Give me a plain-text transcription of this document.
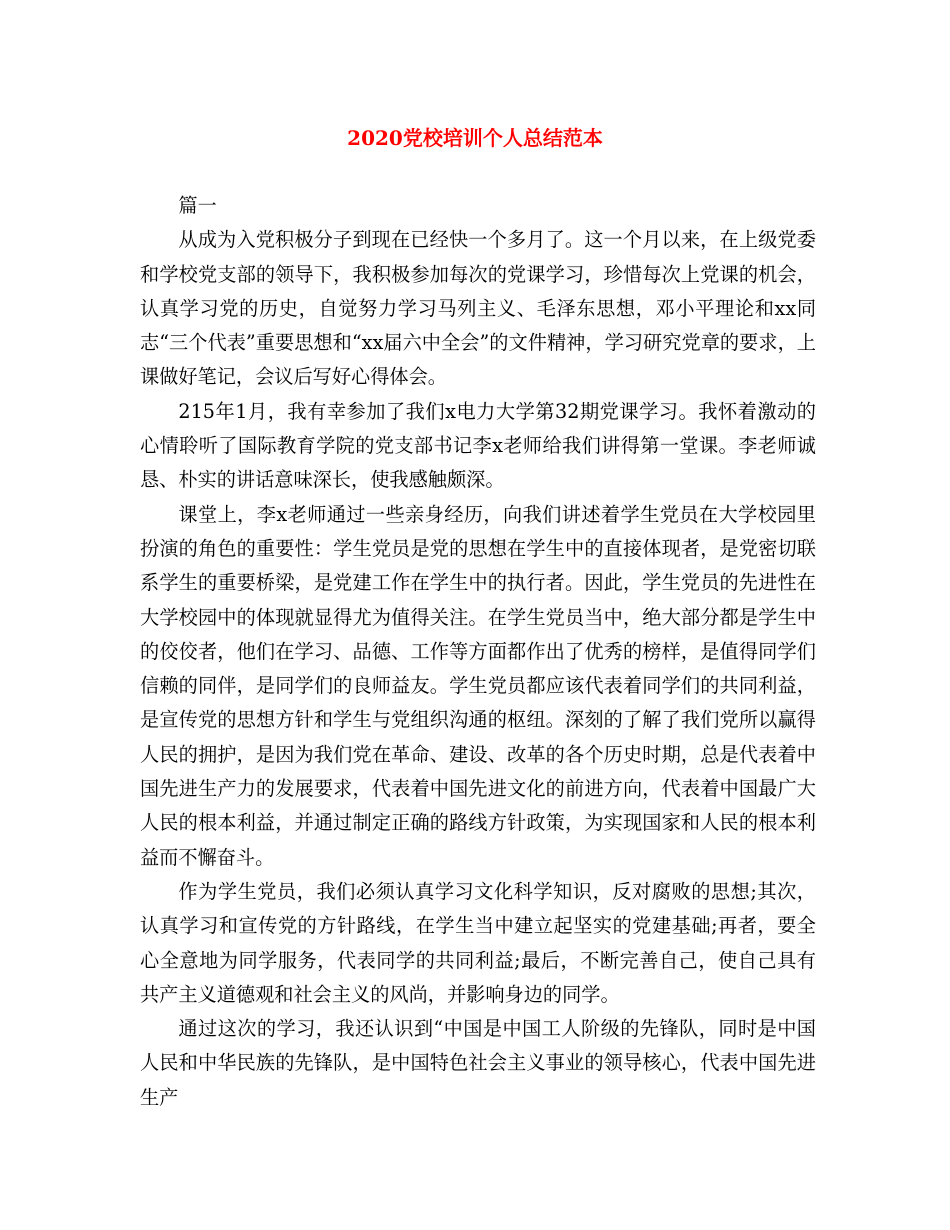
2020党校培训个人总结范本

篇一

从成为入党积极分子到现在已经快一个多月了。这一个月以来，在上级党委和学校党支部的领导下，我积极参加每次的党课学习，珍惜每次上党课的机会，认真学习党的历史，自觉努力学习马列主义、毛泽东思想，邓小平理论和xx同志“三个代表”重要思想和“xx届六中全会”的文件精神，学习研究党章的要求，上课做好笔记，会议后写好心得体会。

215年1月，我有幸参加了我们x电力大学第32期党课学习。我怀着激动的心情聆听了国际教育学院的党支部书记李x老师给我们讲得第一堂课。李老师诚恳、朴实的讲话意味深长，使我感触颇深。

课堂上，李x老师通过一些亲身经历，向我们讲述着学生党员在大学校园里扮演的角色的重要性：学生党员是党的思想在学生中的直接体现者，是党密切联系学生的重要桥梁，是党建工作在学生中的执行者。因此，学生党员的先进性在大学校园中的体现就显得尤为值得关注。在学生党员当中，绝大部分都是学生中的佼佼者，他们在学习、品德、工作等方面都作出了优秀的榜样，是值得同学们信赖的同伴，是同学们的良师益友。学生党员都应该代表着同学们的共同利益，是宣传党的思想方针和学生与党组织沟通的枢纽。深刻的了解了我们党所以赢得人民的拥护，是因为我们党在革命、建设、改革的各个历史时期，总是代表着中国先进生产力的发展要求，代表着中国先进文化的前进方向，代表着中国最广大人民的根本利益，并通过制定正确的路线方针政策，为实现国家和人民的根本利益而不懈奋斗。

作为学生党员，我们必须认真学习文化科学知识，反对腐败的思想;其次，认真学习和宣传党的方针路线，在学生当中建立起坚实的党建基础;再者，要全心全意地为同学服务，代表同学的共同利益;最后，不断完善自己，使自己具有共产主义道德观和社会主义的风尚，并影响身边的同学。

通过这次的学习，我还认识到“中国是中国工人阶级的先锋队，同时是中国人民和中华民族的先锋队，是中国特色社会主义事业的领导核心，代表中国先进生产
